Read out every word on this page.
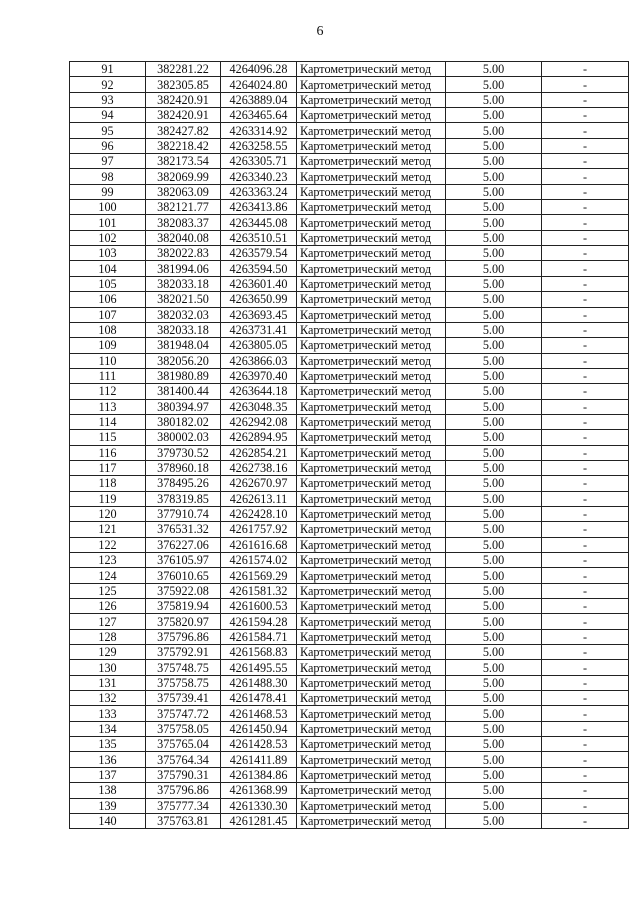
6
91	382281.22	4264096.28	Картометрический метод	5.00	-
92	382305.85	4264024.80	Картометрический метод	5.00	-
93	382420.91	4263889.04	Картометрический метод	5.00	-
94	382420.91	4263465.64	Картометрический метод	5.00	-
95	382427.82	4263314.92	Картометрический метод	5.00	-
96	382218.42	4263258.55	Картометрический метод	5.00	-
97	382173.54	4263305.71	Картометрический метод	5.00	-
98	382069.99	4263340.23	Картометрический метод	5.00	-
99	382063.09	4263363.24	Картометрический метод	5.00	-
100	382121.77	4263413.86	Картометрический метод	5.00	-
101	382083.37	4263445.08	Картометрический метод	5.00	-
102	382040.08	4263510.51	Картометрический метод	5.00	-
103	382022.83	4263579.54	Картометрический метод	5.00	-
104	381994.06	4263594.50	Картометрический метод	5.00	-
105	382033.18	4263601.40	Картометрический метод	5.00	-
106	382021.50	4263650.99	Картометрический метод	5.00	-
107	382032.03	4263693.45	Картометрический метод	5.00	-
108	382033.18	4263731.41	Картометрический метод	5.00	-
109	381948.04	4263805.05	Картометрический метод	5.00	-
110	382056.20	4263866.03	Картометрический метод	5.00	-
111	381980.89	4263970.40	Картометрический метод	5.00	-
112	381400.44	4263644.18	Картометрический метод	5.00	-
113	380394.97	4263048.35	Картометрический метод	5.00	-
114	380182.02	4262942.08	Картометрический метод	5.00	-
115	380002.03	4262894.95	Картометрический метод	5.00	-
116	379730.52	4262854.21	Картометрический метод	5.00	-
117	378960.18	4262738.16	Картометрический метод	5.00	-
118	378495.26	4262670.97	Картометрический метод	5.00	-
119	378319.85	4262613.11	Картометрический метод	5.00	-
120	377910.74	4262428.10	Картометрический метод	5.00	-
121	376531.32	4261757.92	Картометрический метод	5.00	-
122	376227.06	4261616.68	Картометрический метод	5.00	-
123	376105.97	4261574.02	Картометрический метод	5.00	-
124	376010.65	4261569.29	Картометрический метод	5.00	-
125	375922.08	4261581.32	Картометрический метод	5.00	-
126	375819.94	4261600.53	Картометрический метод	5.00	-
127	375820.97	4261594.28	Картометрический метод	5.00	-
128	375796.86	4261584.71	Картометрический метод	5.00	-
129	375792.91	4261568.83	Картометрический метод	5.00	-
130	375748.75	4261495.55	Картометрический метод	5.00	-
131	375758.75	4261488.30	Картометрический метод	5.00	-
132	375739.41	4261478.41	Картометрический метод	5.00	-
133	375747.72	4261468.53	Картометрический метод	5.00	-
134	375758.05	4261450.94	Картометрический метод	5.00	-
135	375765.04	4261428.53	Картометрический метод	5.00	-
136	375764.34	4261411.89	Картометрический метод	5.00	-
137	375790.31	4261384.86	Картометрический метод	5.00	-
138	375796.86	4261368.99	Картометрический метод	5.00	-
139	375777.34	4261330.30	Картометрический метод	5.00	-
140	375763.81	4261281.45	Картометрический метод	5.00	-
